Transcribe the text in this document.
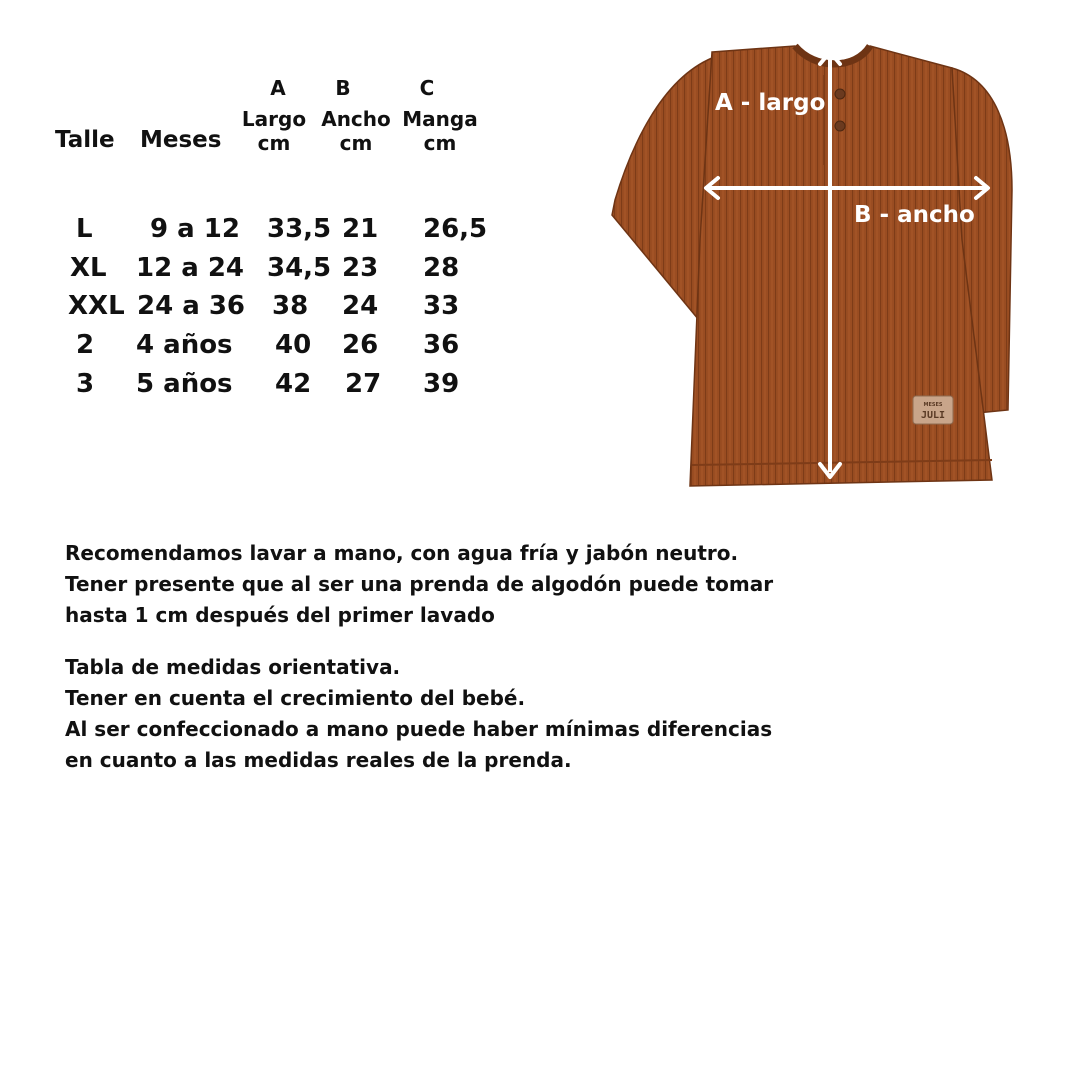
A	B	C
Talle Meses
Largo
cm
Ancho
cm
Manga
cm
L 9 a 12 33,5 21 26,5
XL 12 a 24 34,5 23 28
XXL 24 a 36 38 24 33
2 4 años 40 26 36
3 5 años 42 27 39
MESES
JULI
A - largo
B - ancho
Recomendamos lavar a mano, con agua fría y jabón neutro.
Tener presente que al ser una prenda de algodón puede tomar
hasta 1 cm después del primer lavado
Tabla de medidas orientativa.
Tener en cuenta el crecimiento del bebé.
Al ser confeccionado a mano puede haber mínimas diferencias
en cuanto a las medidas reales de la prenda.
